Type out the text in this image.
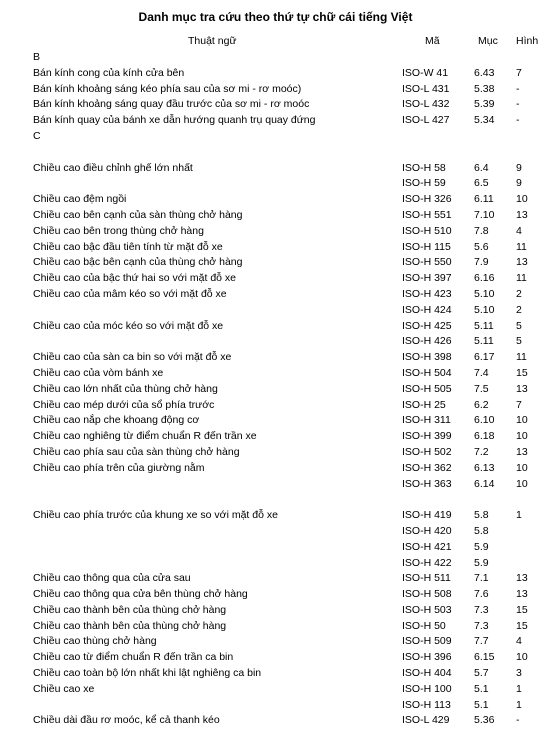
Danh mục tra cứu theo thứ tự chữ cái tiếng Việt
Thuật ngữ	Mã	Mục Hình
B
Bán kính cong của kính cửa bên	ISO-W 41 6.43 7
Bán kính khoảng sáng kéo phía sau của sơ mi - rơ moóc)	ISO-L 431 5.38 -
Bán kính khoảng sáng quay đầu trước của sơ mi - rơ moóc	ISO-L 432 5.39 -
Bán kính quay của bánh xe dẫn hướng quanh trụ quay đứng	ISO-L 427 5.34 -
C
Chiều cao điều chỉnh ghế lớn nhất	ISO-H 58	6.4	9
ISO-H 59	6.5	9
Chiều cao đệm ngồi	ISO-H 326 6.11 10
Chiều cao bên cạnh của sàn thùng chở hàng	ISO-H 551 7.10 13
Chiều cao bên trong thùng chở hàng	ISO-H 510 7.8	4
Chiều cao bậc đầu tiên tính từ mặt đỗ xe	ISO-H 115 5.6	11
Chiều cao bậc bên cạnh của thùng chở hàng	ISO-H 550 7.9	13
Chiều cao của bậc thứ hai so với mặt đỗ xe	ISO-H 397 6.16 11
Chiều cao của mâm kéo so với mặt đỗ xe	ISO-H 423 5.10 2
ISO-H 424 5.10 2
Chiều cao của móc kéo so với mặt đỗ xe	ISO-H 425 5.11 5
ISO-H 426 5.11 5
Chiều cao của sàn ca bin so với mặt đỗ xe	ISO-H 398 6.17 11
Chiều cao của vòm bánh xe	ISO-H 504 7.4	15
Chiều cao lớn nhất của thùng chở hàng	ISO-H 505 7.5	13
Chiều cao mép dưới của sổ phía trước	ISO-H 25	6.2	7
Chiều cao nắp che khoang động cơ	ISO-H 311 6.10 10
Chiều cao nghiêng từ điểm chuẩn R đến trần xe	ISO-H 399 6.18 10
Chiều cao phía sau của sàn thùng chở hàng	ISO-H 502 7.2	13
Chiều cao phía trên của giường nằm	ISO-H 362 6.13 10
ISO-H 363 6.14 10
Chiều cao phía trước của khung xe so với mặt đỗ xe	ISO-H 419 5.8	1
ISO-H 420 5.8
ISO-H 421 5.9
ISO-H 422 5.9
Chiều cao thông qua của cửa sau	ISO-H 511 7.1	13
Chiều cao thông qua cửa bên thùng chở hàng	ISO-H 508 7.6	13
Chiều cao thành bên của thùng chở hàng	ISO-H 503 7.3	15
Chiều cao thành bên của thùng chở hàng	ISO-H 50	7.3	15
Chiều cao thùng chở hàng	ISO-H 509 7.7	4
Chiều cao từ điểm chuẩn R đến trần ca bin	ISO-H 396 6.15 10
Chiều cao toàn bộ lớn nhất khi lật nghiêng ca bin	ISO-H 404 5.7	3
Chiều cao xe	ISO-H 100 5.1	1
ISO-H 113 5.1	1
Chiều dài đầu rơ moóc, kể cả thanh kéo	ISO-L 429 5.36 -
